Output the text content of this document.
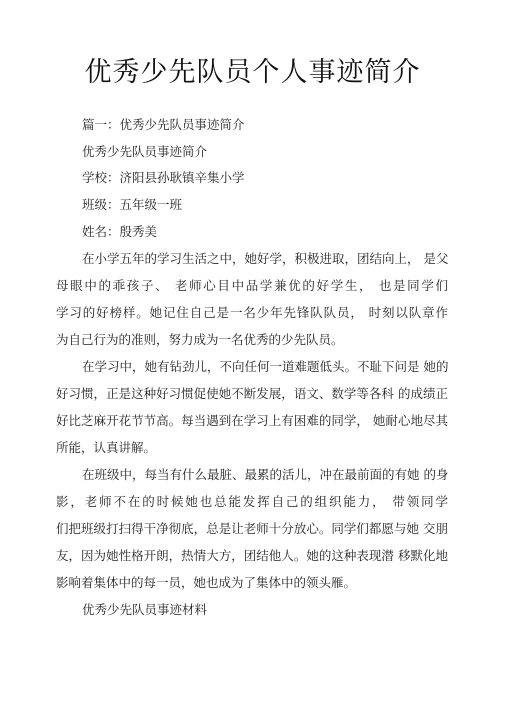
优秀少先队员个人事迹简介
篇一：优秀少先队员事迹简介
优秀少先队员事迹简介
学校：济阳县孙耿镇辛集小学
班级：五年级一班
姓名：殷秀美
在小学五年的学习生活之中，她好学，积极进取，团结向上， 是父
母眼中的乖孩子、 老师心目中品学兼优的好学生， 也是同学们
学习的好榜样。她记住自己是一名少年先锋队队员， 时刻以队章作
为自己行为的准则，努力成为一名优秀的少先队员。
在学习中，她有钻劲儿，不向任何一道难题低头。不耻下问是 她的
好习惯，正是这种好习惯促使她不断发展，语文、数学等各科 的成绩正
好比芝麻开花节节高。每当遇到在学习上有困难的同学， 她耐心地尽其
所能，认真讲解。
在班级中，每当有什么最脏、最累的活儿，冲在最前面的有她 的身
影，老师不在的时候她也总能发挥自己的组织能力， 带领同学
们把班级打扫得干净彻底，总是让老师十分放心。同学们都愿与她 交朋
友，因为她性格开朗，热情大方，团结他人。她的这种表现潜 移默化地
影响着集体中的每一员，她也成为了集体中的领头雁。
优秀少先队员事迹材料
